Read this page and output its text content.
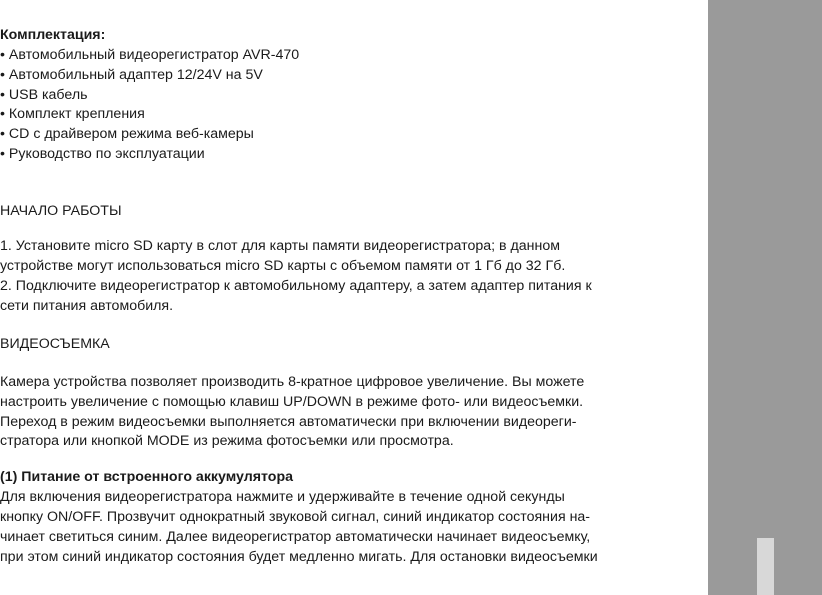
Комплектация:
• Автомобильный видеорегистратор AVR-470
• Автомобильный адаптер 12/24V на 5V
• USB кабель
• Комплект крепления
• CD с драйвером режима веб-камеры
• Руководство по эксплуатации
НАЧАЛО РАБОТЫ
1. Установите micro SD карту в слот для карты памяти видеорегистратора; в данном
устройстве могут использоваться micro SD карты с объемом памяти от 1 Гб до 32 Гб.
2. Подключите видеорегистратор к автомобильному адаптеру, а затем адаптер питания к
сети питания автомобиля.
ВИДЕОСЪЕМКА
Камера устройства позволяет производить 8-кратное цифровое увеличение. Вы можете
настроить увеличение с помощью клавиш UP/DOWN в режиме фото- или видеосъемки.
Переход в режим видеосъемки выполняется автоматически при включении видеореги-
стратора или кнопкой MODE из режима фотосъемки или просмотра.
(1) Питание от встроенного аккумулятора
Для включения видеорегистратора нажмите и удерживайте в течение одной секунды
кнопку ON/OFF. Прозвучит однократный звуковой сигнал, синий индикатор состояния на-
чинает светиться синим. Далее видеорегистратор автоматически начинает видеосъемку,
при этом синий индикатор состояния будет медленно мигать. Для остановки видеосъемки
